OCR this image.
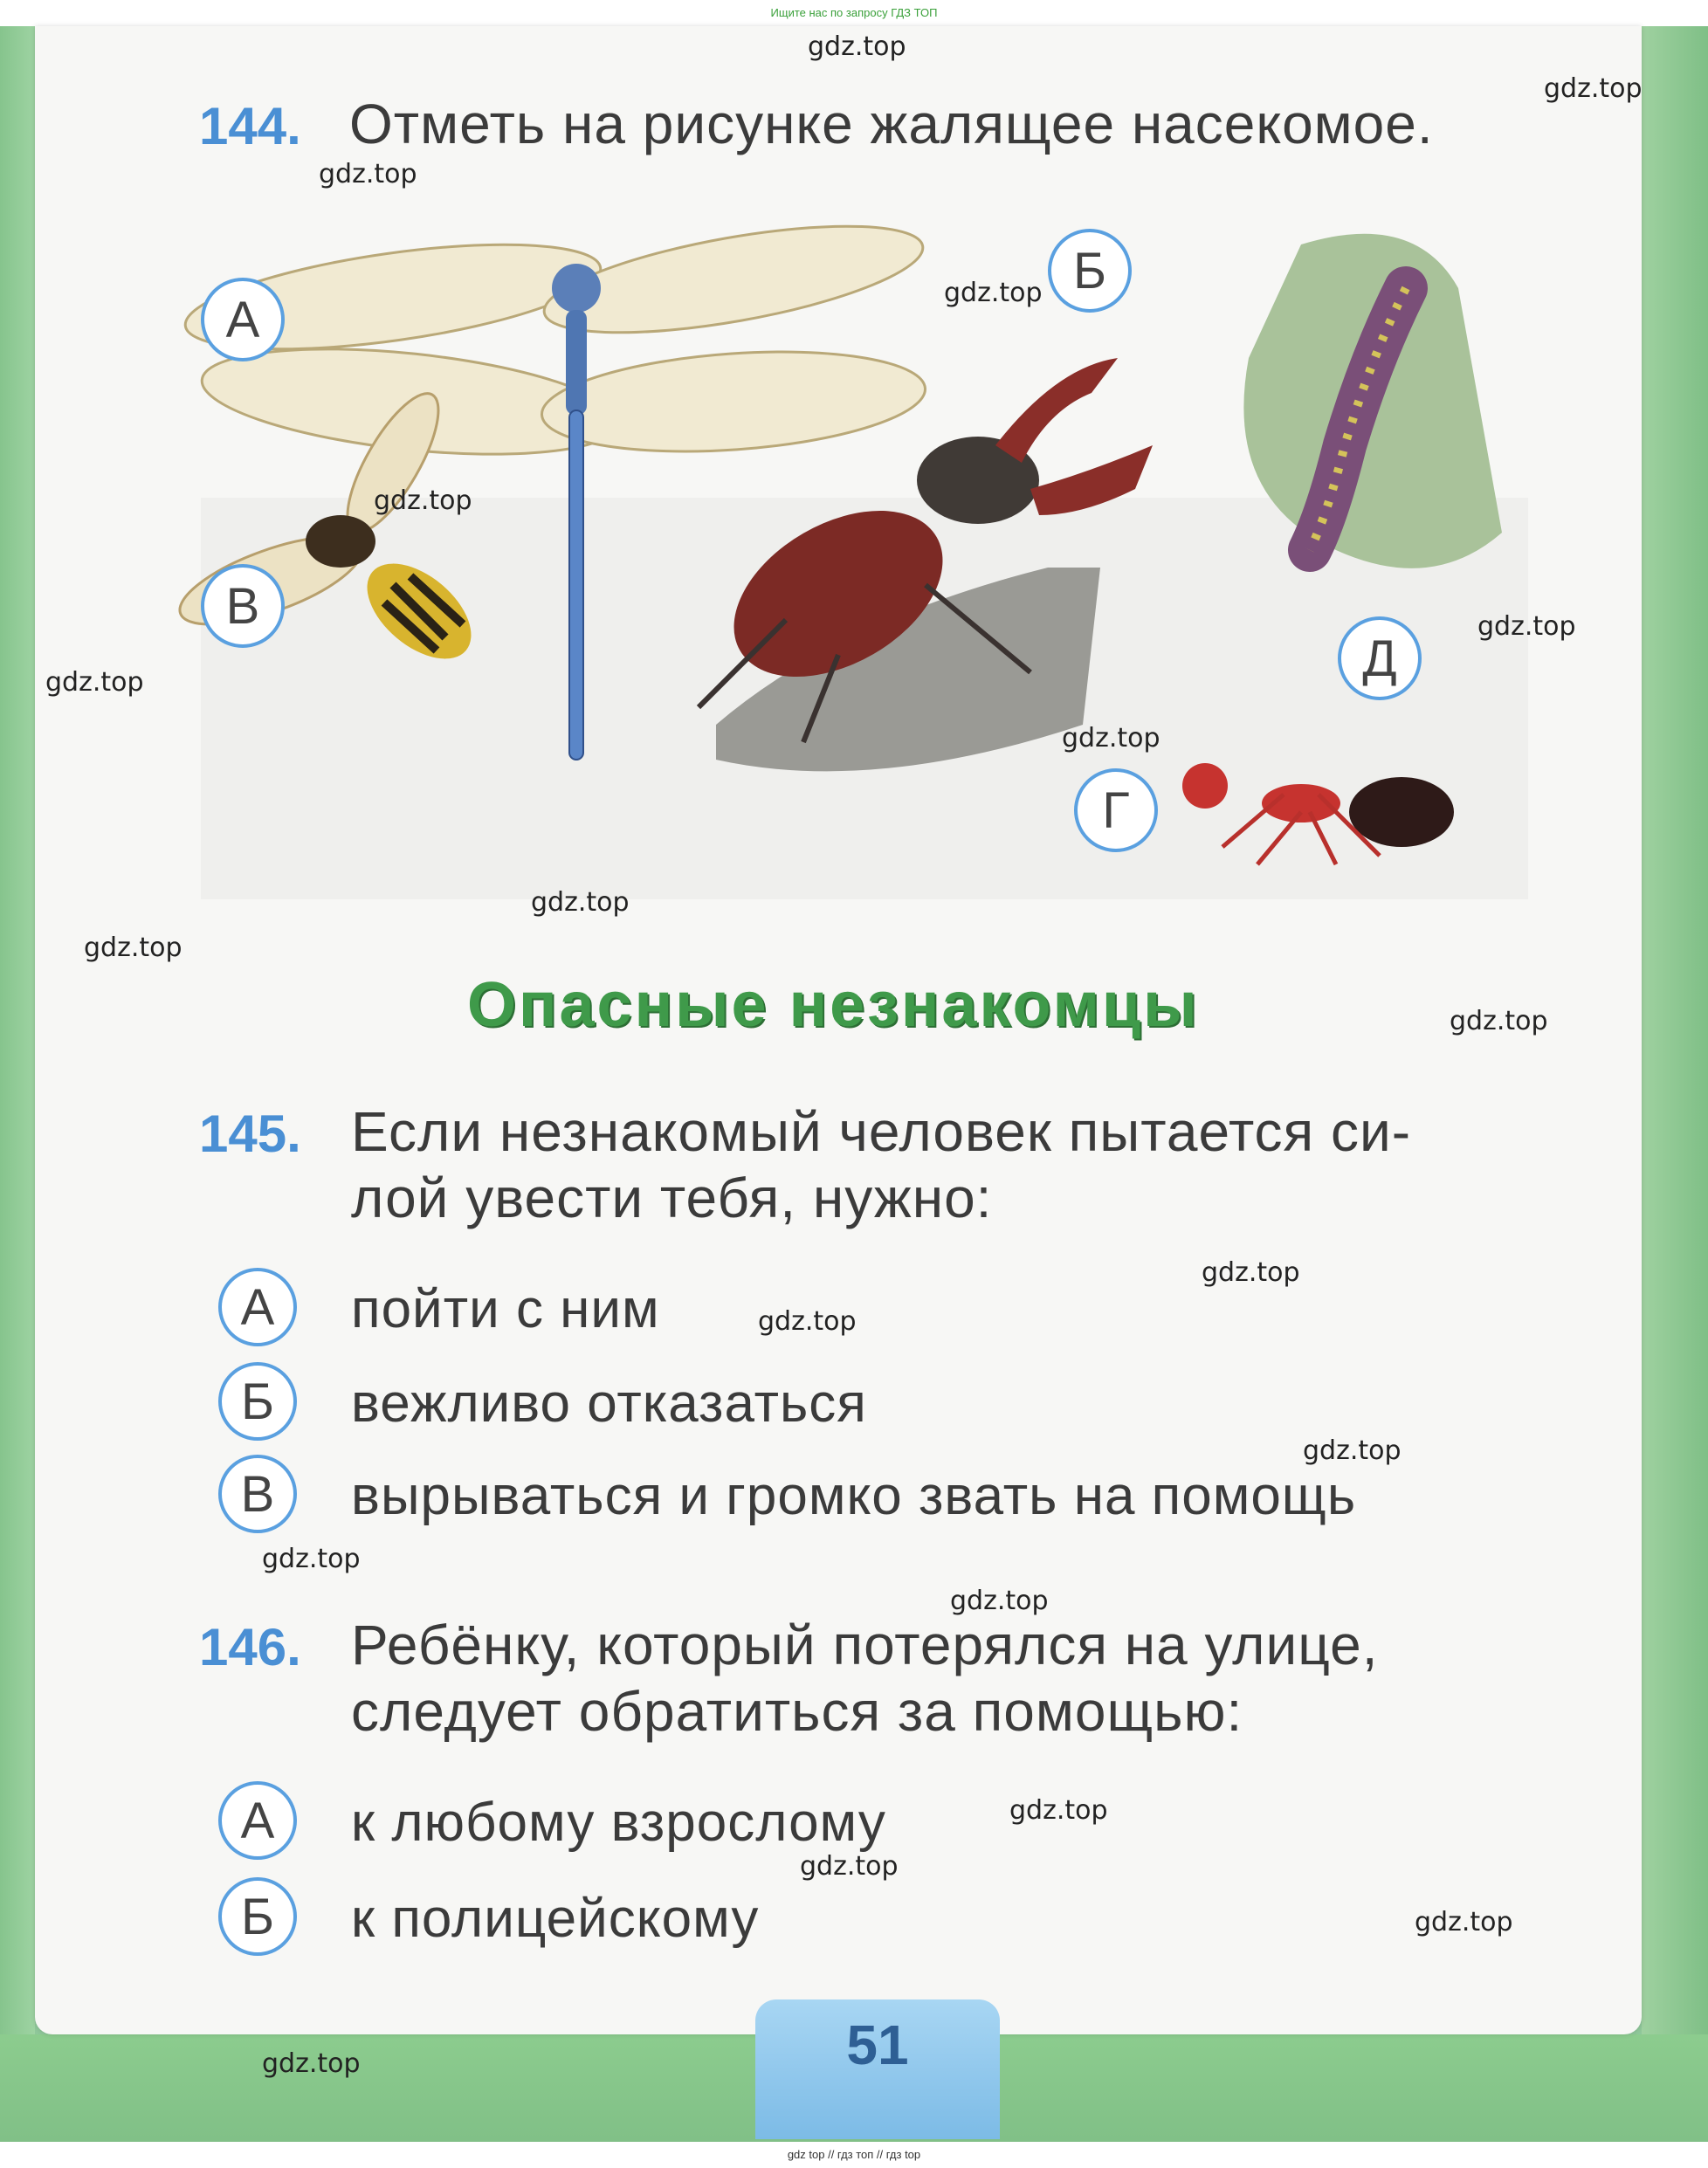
Ищите нас по запросу ГДЗ ТОП
144. Отметь на рисунке жалящее насекомое.
А
Б
В
Г
Д
Опасные незнакомцы
145. Если незнакомый человек пытается си-
лой увести тебя, нужно:
А	пойти с ним
Б	вежливо отказаться
В	вырываться и громко звать на помощь
146. Ребёнку, который потерялся на улице,
следует обратиться за помощью:
А	к любому взрослому
Б	к полицейскому
51
gdz.top
gdz.top
gdz.top
gdz.top
gdz.top
gdz.top
gdz.top
gdz.top
gdz.top
gdz.top
gdz.top
gdz.top
gdz.top
gdz.top
gdz.top
gdz.top
gdz.top
gdz.top
gdz.top
gdz.top
gdz top // гдз топ // гдз top
